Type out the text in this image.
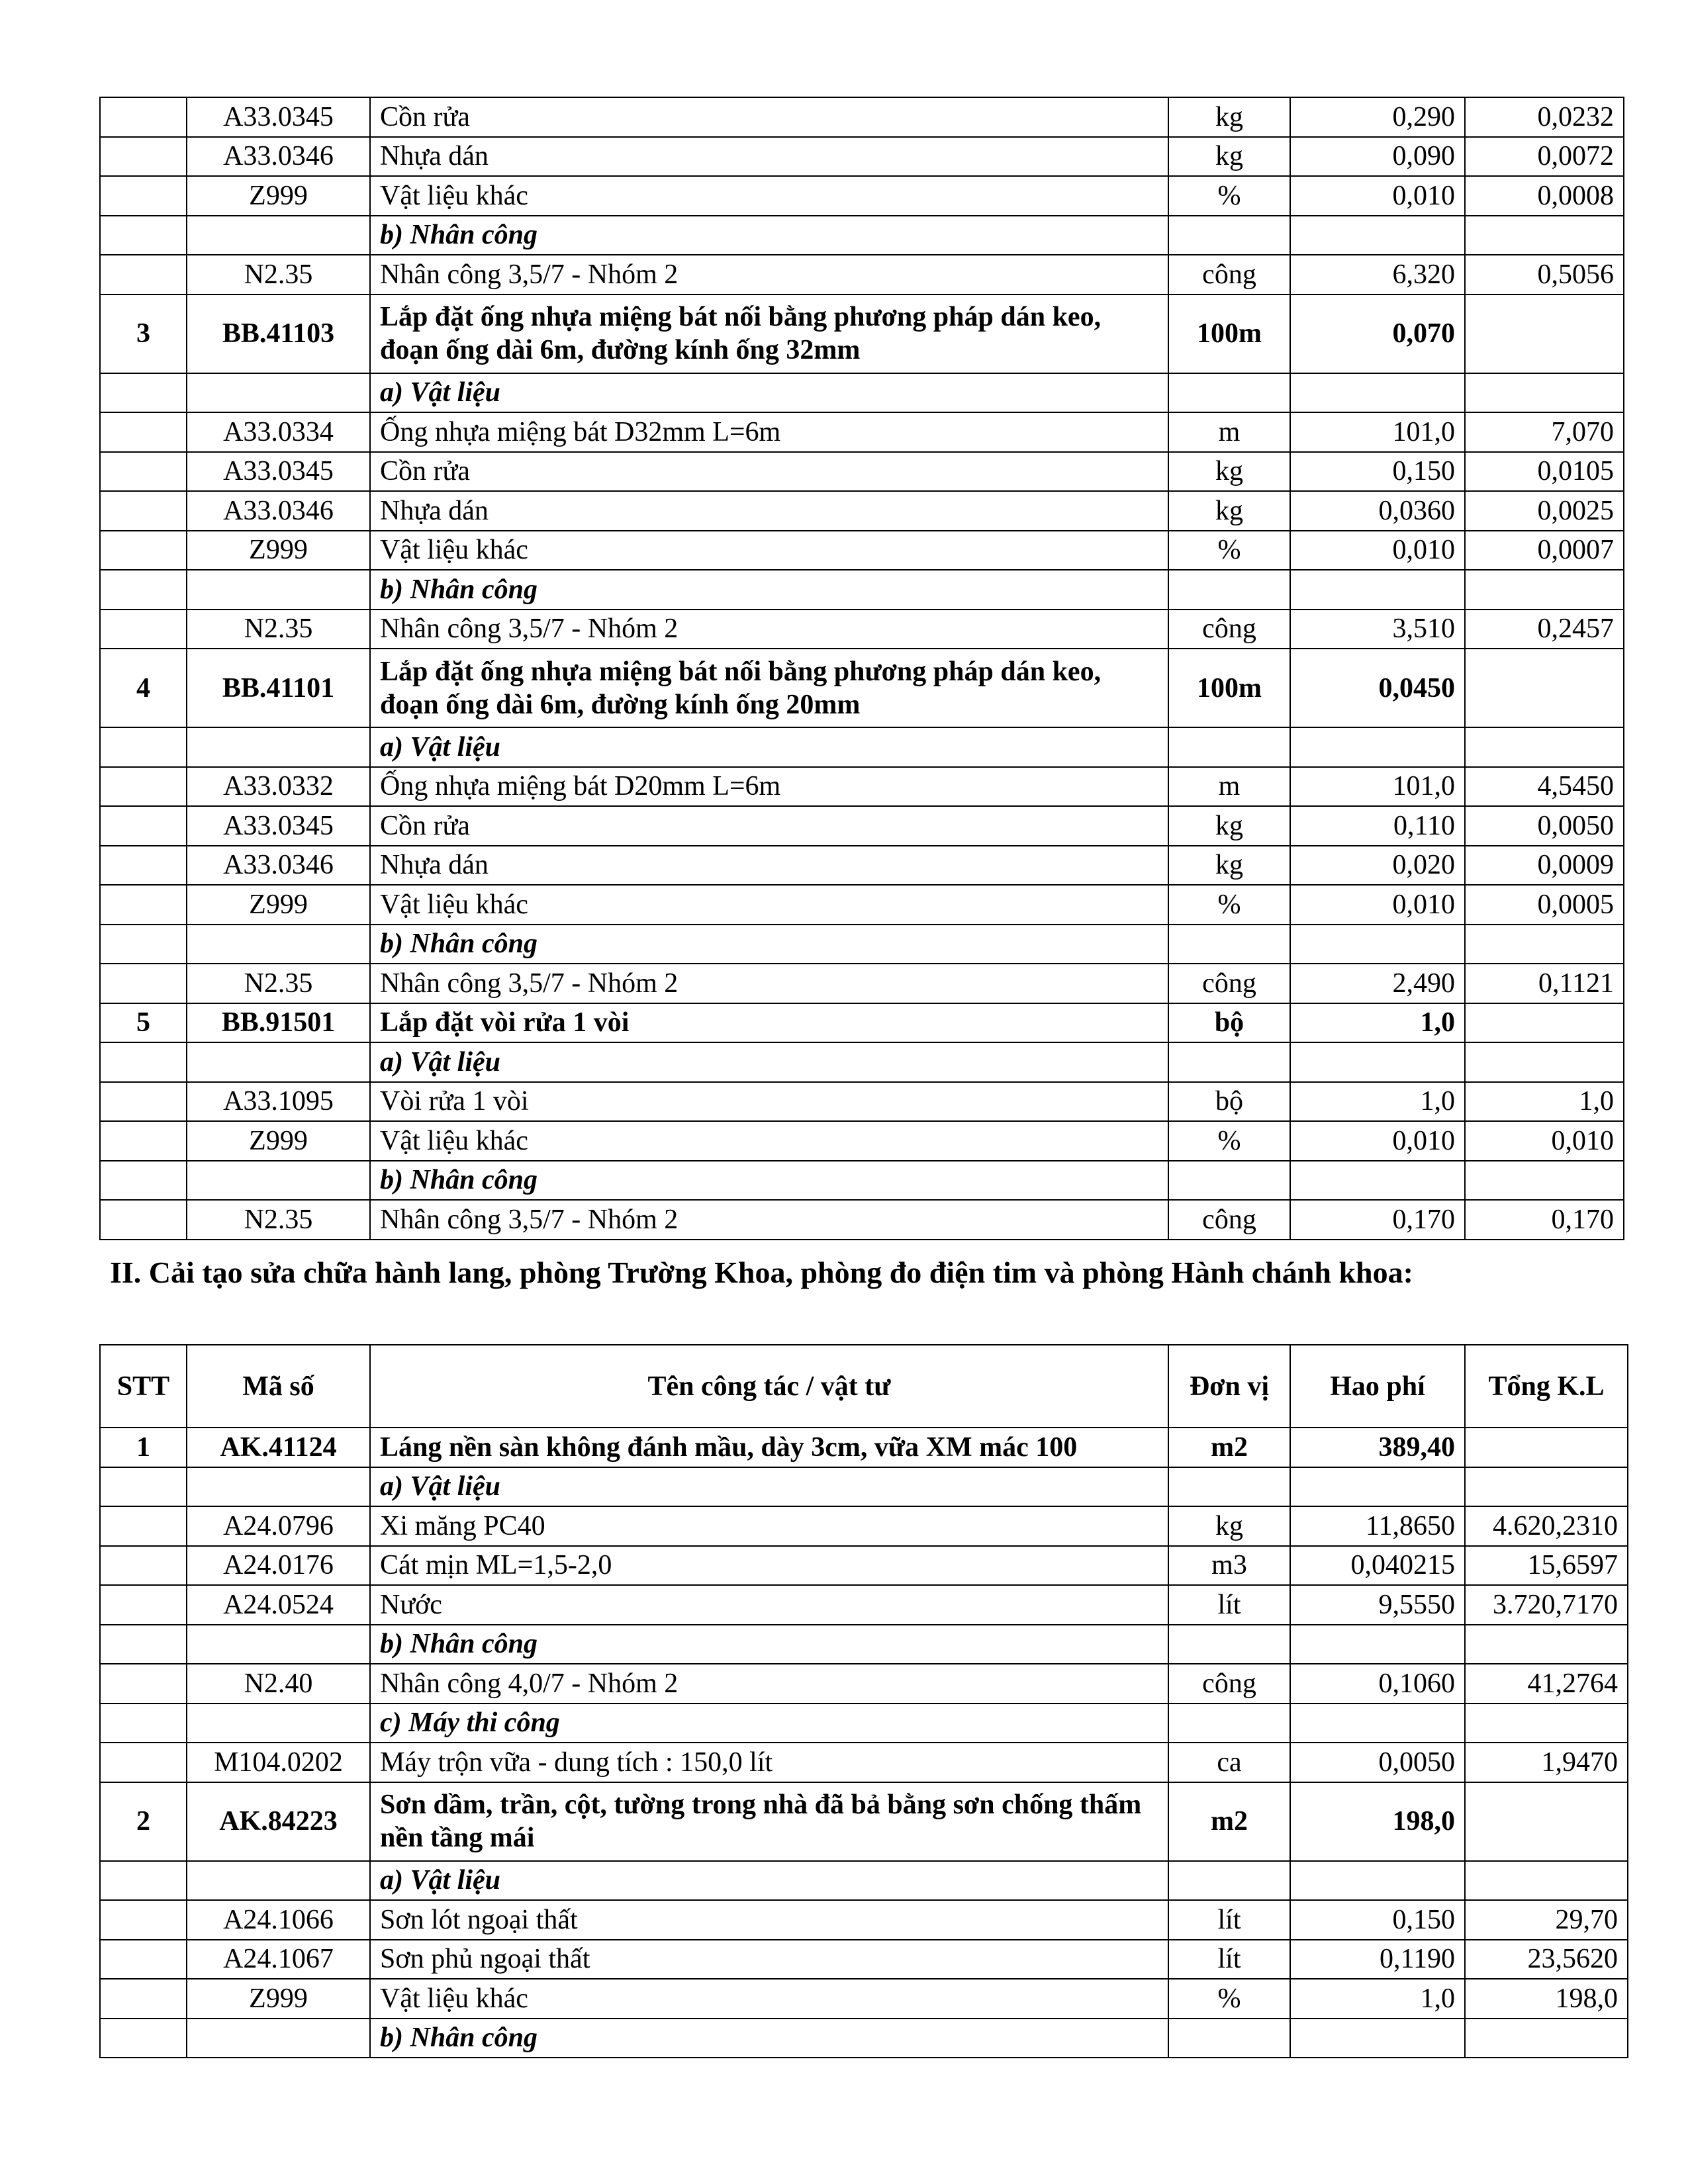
	A33.0345	Cồn rửa	kg	0,290	0,0232
	A33.0346	Nhựa dán	kg	0,090	0,0072
	Z999	Vật liệu khác	%	0,010	0,0008
		b) Nhân công			
	N2.35	Nhân công 3,5/7 - Nhóm 2	công	6,320	0,5056
3	BB.41103	Lắp đặt ống nhựa miệng bát nối bằng phương pháp dán keo, đoạn ống dài 6m, đường kính ống 32mm	100m	0,070	
		a) Vật liệu			
	A33.0334	Ống nhựa miệng bát D32mm L=6m	m	101,0	7,070
	A33.0345	Cồn rửa	kg	0,150	0,0105
	A33.0346	Nhựa dán	kg	0,0360	0,0025
	Z999	Vật liệu khác	%	0,010	0,0007
		b) Nhân công			
	N2.35	Nhân công 3,5/7 - Nhóm 2	công	3,510	0,2457
4	BB.41101	Lắp đặt ống nhựa miệng bát nối bằng phương pháp dán keo, đoạn ống dài 6m, đường kính ống 20mm	100m	0,0450	
		a) Vật liệu			
	A33.0332	Ống nhựa miệng bát D20mm L=6m	m	101,0	4,5450
	A33.0345	Cồn rửa	kg	0,110	0,0050
	A33.0346	Nhựa dán	kg	0,020	0,0009
	Z999	Vật liệu khác	%	0,010	0,0005
		b) Nhân công			
	N2.35	Nhân công 3,5/7 - Nhóm 2	công	2,490	0,1121
5	BB.91501	Lắp đặt vòi rửa 1 vòi	bộ	1,0	
		a) Vật liệu			
	A33.1095	Vòi rửa 1 vòi	bộ	1,0	1,0
	Z999	Vật liệu khác	%	0,010	0,010
		b) Nhân công			
	N2.35	Nhân công 3,5/7 - Nhóm 2	công	0,170	0,170
II. Cải tạo sửa chữa hành lang, phòng Trường Khoa, phòng đo điện tim và phòng Hành chánh khoa:
STT	Mã số	Tên công tác / vật tư	Đơn vị	Hao phí	Tổng K.L
1	AK.41124	Láng nền sàn không đánh mầu, dày 3cm, vữa XM mác 100	m2	389,40	
		a) Vật liệu			
	A24.0796	Xi măng PC40	kg	11,8650	4.620,2310
	A24.0176	Cát mịn ML=1,5-2,0	m3	0,040215	15,6597
	A24.0524	Nước	lít	9,5550	3.720,7170
		b) Nhân công			
	N2.40	Nhân công 4,0/7 - Nhóm 2	công	0,1060	41,2764
		c) Máy thi công			
	M104.0202	Máy trộn vữa - dung tích : 150,0 lít	ca	0,0050	1,9470
2	AK.84223	Sơn dầm, trần, cột, tường trong nhà đã bả bằng sơn chống thấm nền tầng mái	m2	198,0	
		a) Vật liệu			
	A24.1066	Sơn lót ngoại thất	lít	0,150	29,70
	A24.1067	Sơn phủ ngoại thất	lít	0,1190	23,5620
	Z999	Vật liệu khác	%	1,0	198,0
		b) Nhân công			
